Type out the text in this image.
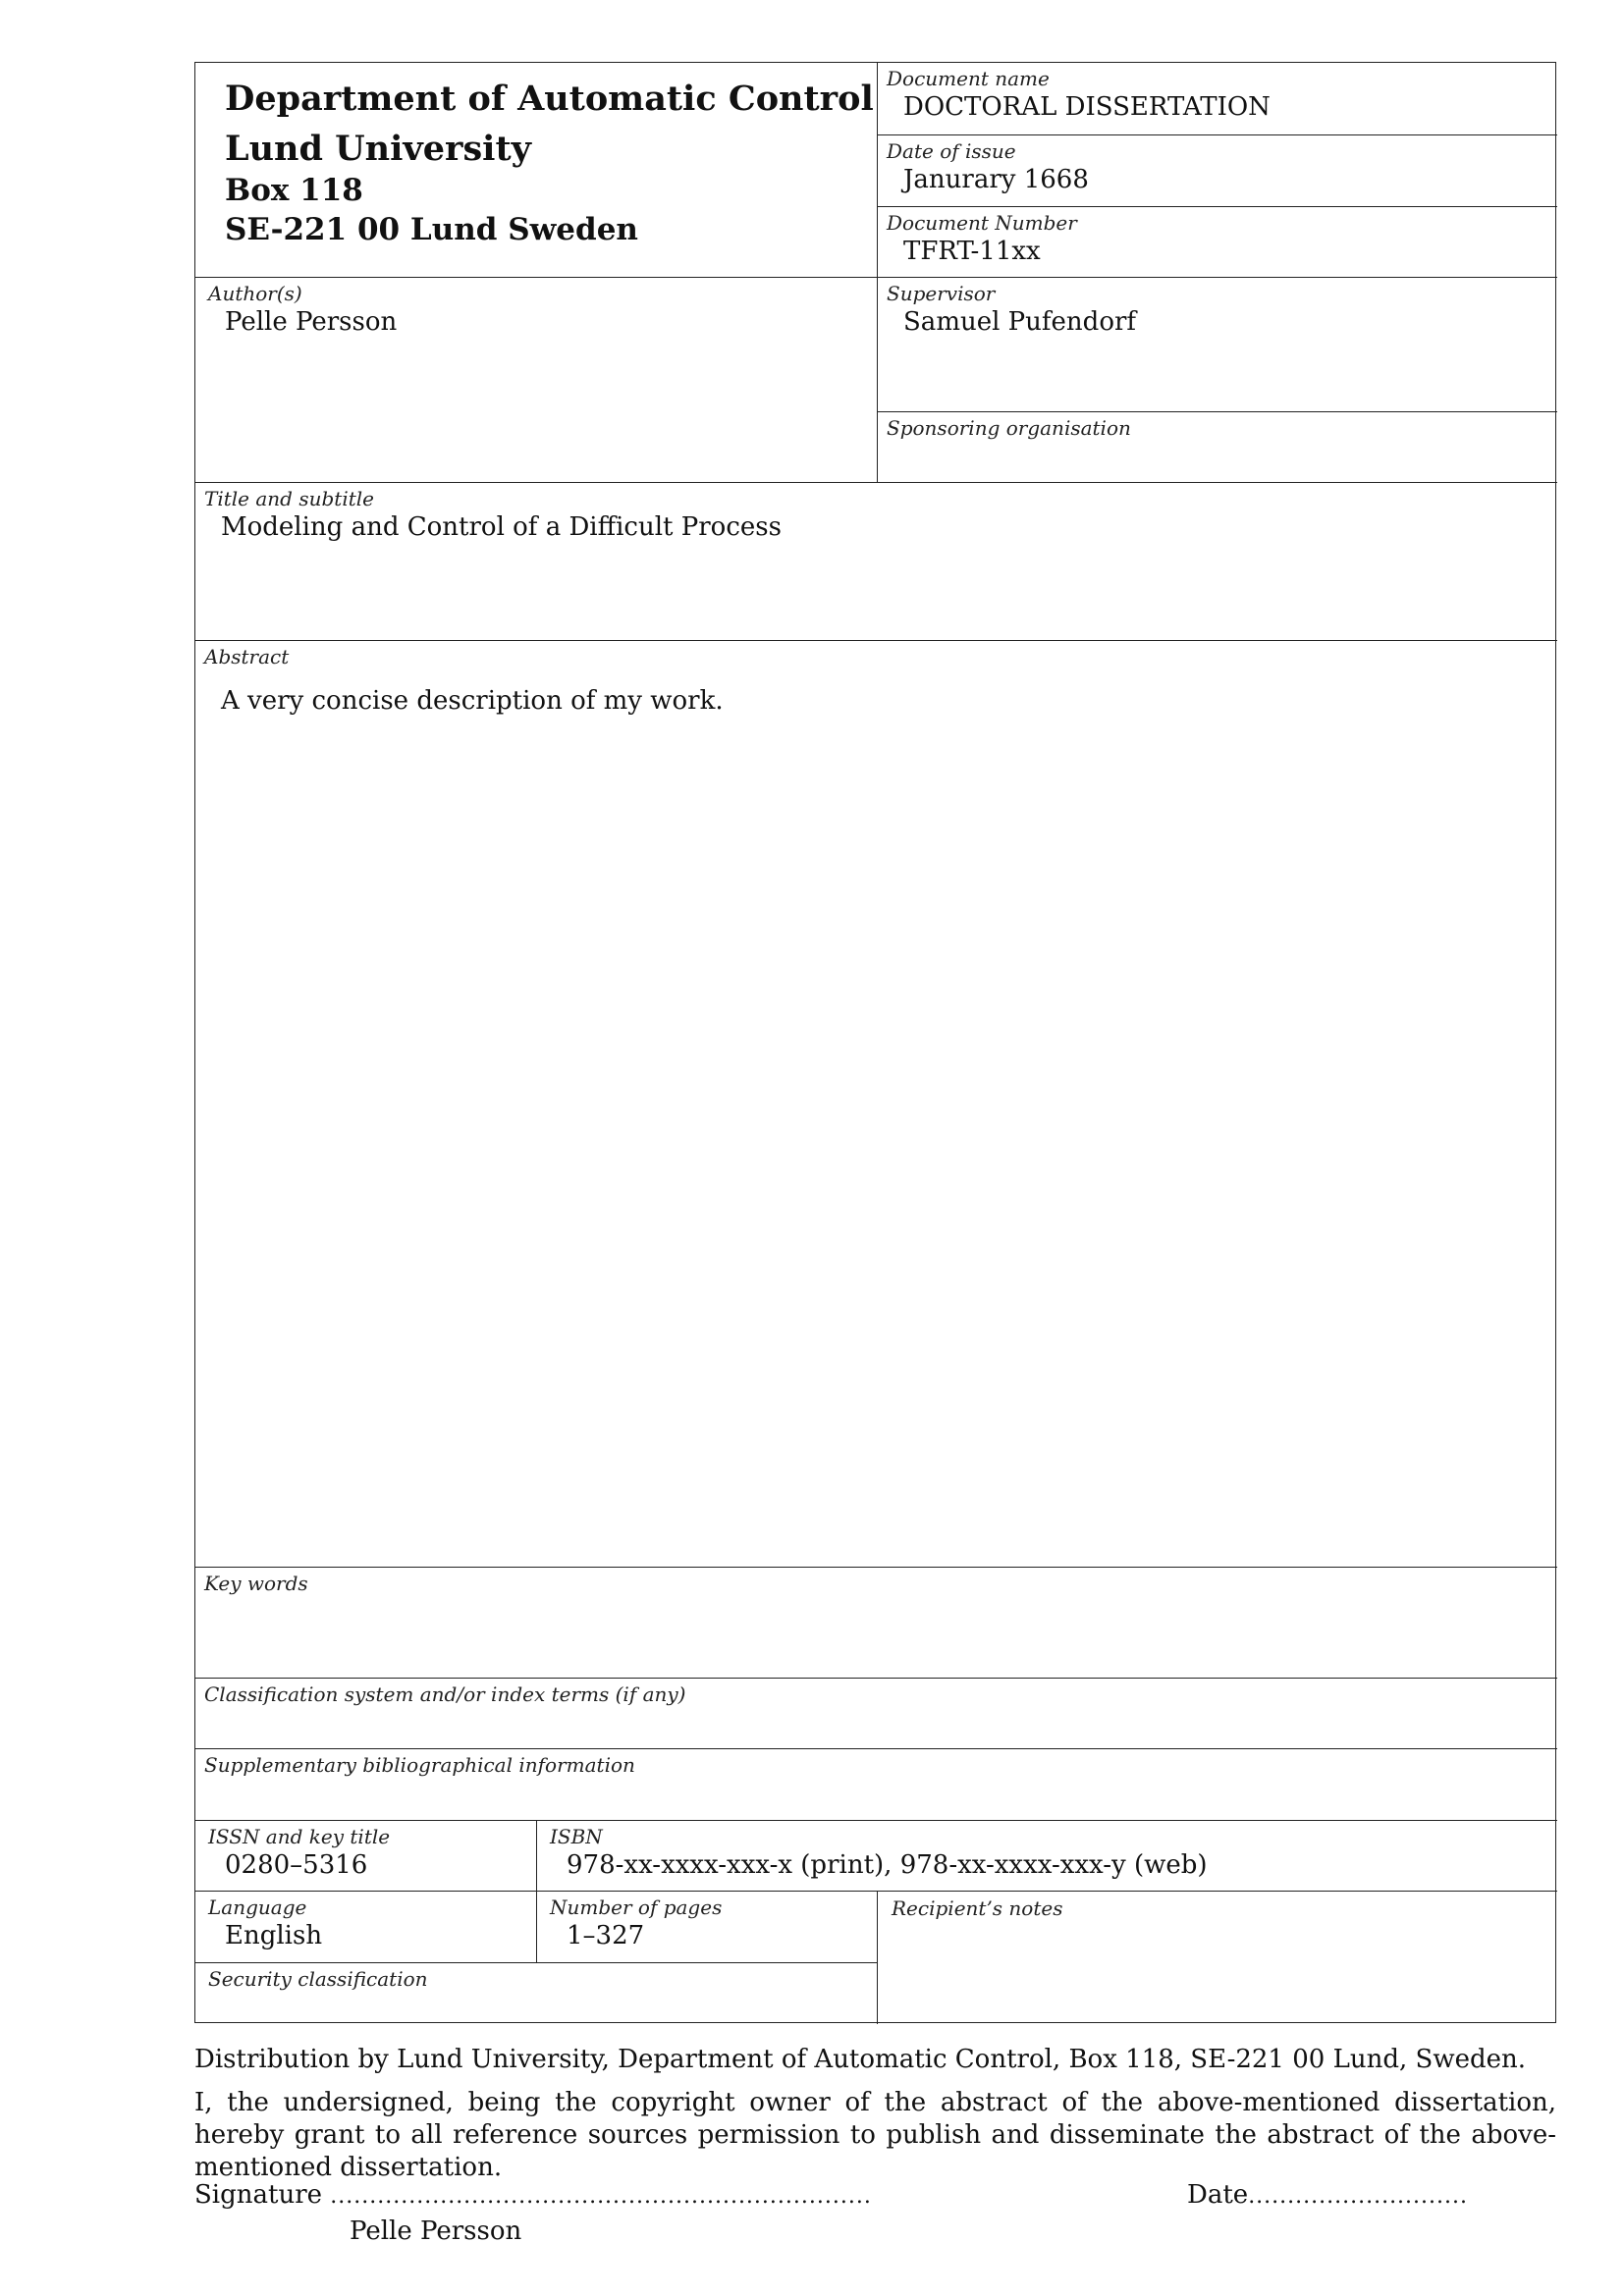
Department of Automatic Control
Lund University
Box 118
SE-221 00 Lund Sweden
Document name
DOCTORAL DISSERTATION
Date of issue
Janurary 1668
Document Number
TFRT-11xx
Author(s)
Pelle Persson
Supervisor
Samuel Pufendorf
Sponsoring organisation
Title and subtitle
Modeling and Control of a Difficult Process
Abstract
A very concise description of my work.
Key words
Classification system and/or index terms (if any)
Supplementary bibliographical information
ISSN and key title
0280–5316
ISBN
978-xx-xxxx-xxx-x (print), 978-xx-xxxx-xxx-y (web)
Language
English
Number of pages
1–327
Recipient’s notes
Security classification
Distribution by Lund University, Department of Automatic Control, Box 118, SE-221 00 Lund, Sweden.
I, the undersigned, being the copyright owner of the abstract of the above-mentioned dissertation, hereby grant to all reference sources permission to publish and disseminate the abstract of the above-mentioned dissertation.
Signature .....................................................................	Date............................
Pelle Persson
